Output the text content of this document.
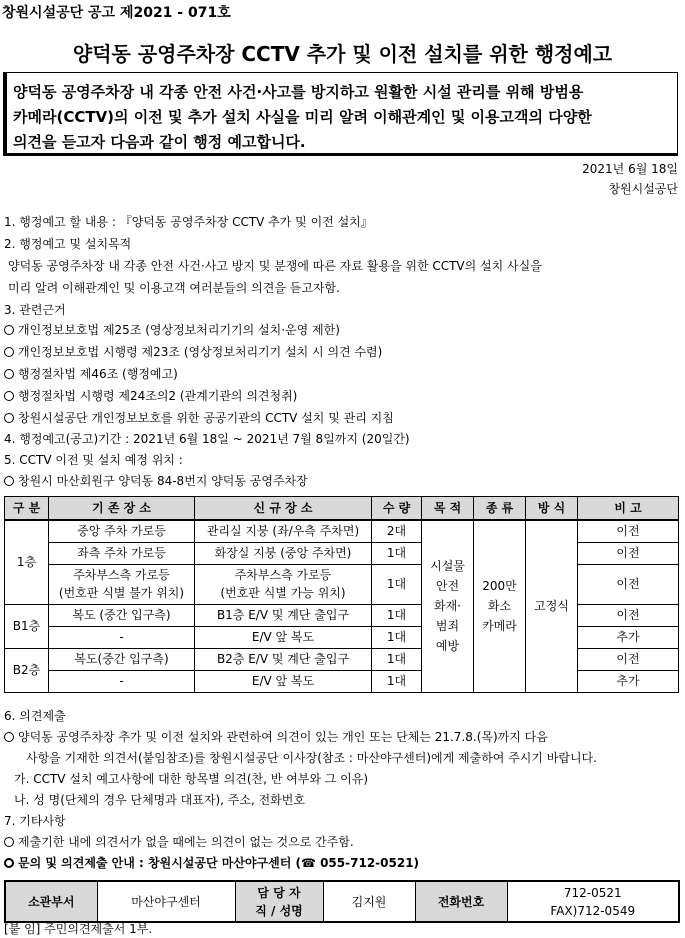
창원시설공단 공고 제2021 - 071호
양덕동 공영주차장 CCTV 추가 및 이전 설치를 위한 행정예고
양덕동 공영주차장 내 각종 안전 사건·사고를 방지하고 원활한 시설 관리를 위해 방범용
카메라(CCTV)의 이전 및 추가 설치 사실을 미리 알려 이해관계인 및 이용고객의 다양한
의견을 듣고자 다음과 같이 행정 예고합니다.
2021년 6월 18일
창원시설공단
1. 행정예고 할 내용 : 『양덕동 공영주차장 CCTV 추가 및 이전 설치』
2. 행정예고 및 설치목적
양덕동 공영주차장 내 각종 안전 사건·사고 방지 및 분쟁에 따른 자료 활용을 위한 CCTV의 설치 사실을
미리 알려 이해관계인 및 이용고객 여러분들의 의견을 듣고자함.
3. 관련근거
개인정보보호법 제25조 (영상정보처리기기의 설치·운영 제한)
개인정보보호법 시행령 제23조 (영상정보처리기기 설치 시 의견 수렴)
행정절차법 제46조 (행정예고)
행정절차법 시행령 제24조의2 (관계기관의 의견청취)
창원시설공단 개인정보보호를 위한 공공기관의 CCTV 설치 및 관리 지침
4. 행정예고(공고)기간 : 2021년 6월 18일 ~ 2021년 7월 8일까지 (20일간)
5. CCTV 이전 및 설치 예정 위치 :
창원시 마산회원구 양덕동 84-8번지 양덕동 공영주차장
구 분	기 존 장 소	신 규 장 소	수 량	목 적	종 류	방 식	비 고
1층	중앙 주차 가로등	관리실 지붕 (좌/우측 주차면)	2대	시설물
안전
화재·
범죄
예방	200만
화소
카메라	고정식	이전
	좌측 주차 가로등	화장실 지붕 (중앙 주차면)	1대				이전
	주차부스측 가로등
(번호판 식별 불가 위치)	주차부스측 가로등
(번호판 식별 가능 위치)	1대				이전
B1층	복도 (중간 입구측)	B1층 E/V 및 계단 출입구	1대				이전
	-	E/V 앞 복도	1대				추가
B2층	복도(중간 입구측)	B2층 E/V 및 계단 출입구	1대				이전
	-	E/V 앞 복도	1대				추가
6. 의견제출
양덕동 공영주차장 추가 및 이전 설치와 관련하여 의견이 있는 개인 또는 단체는 21.7.8.(목)까지 다음
사항을 기재한 의견서(붙임참조)를 창원시설공단 이사장(참조 : 마산야구센터)에게 제출하여 주시기 바랍니다.
가. CCTV 설치 예고사항에 대한 항목별 의견(찬, 반 여부와 그 이유)
나. 성 명(단체의 경우 단체명과 대표자), 주소, 전화번호
7. 기타사항
제출기한 내에 의견서가 없을 때에는 의견이 없는 것으로 간주함.
문의 및 의견제출 안내 : 창원시설공단 마산야구센터 (☎ 055-712-0521)
소관부서	마산야구센터	담 당 자
직 / 성명	김지원	전화번호	712-0521
FAX)712-0549
[붙 임] 주민의견제출서 1부.
